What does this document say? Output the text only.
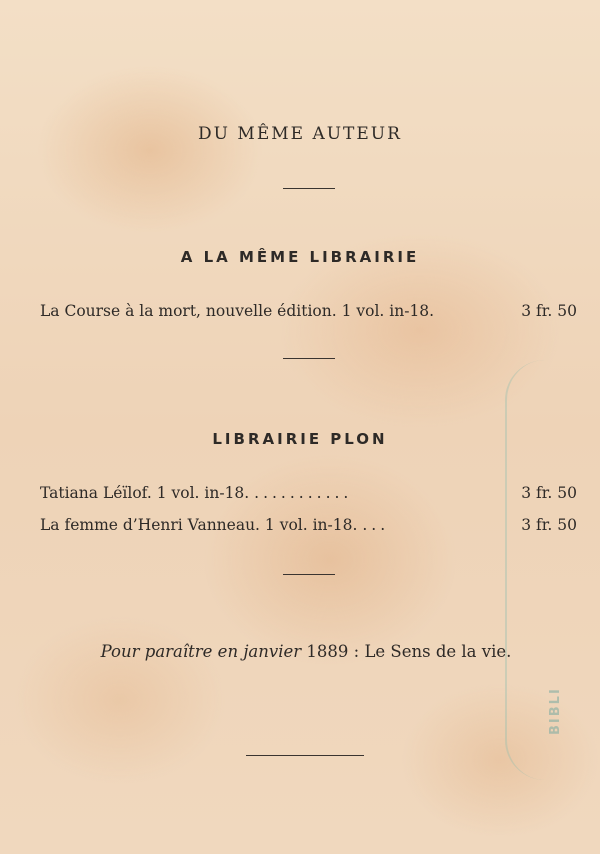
BIBLI
DU MÊME AUTEUR
A LA MÊME LIBRAIRIE
La Course à la mort, nouvelle édition. 1 vol. in-18.	3 fr. 50
LIBRAIRIE PLON
Tatiana Léïlof. 1 vol. in-18. ...........	3 fr. 50
La femme d’Henri Vanneau. 1 vol. in-18. ...	3 fr. 50
Pour paraître en janvier 1889 : Le Sens de la vie.
